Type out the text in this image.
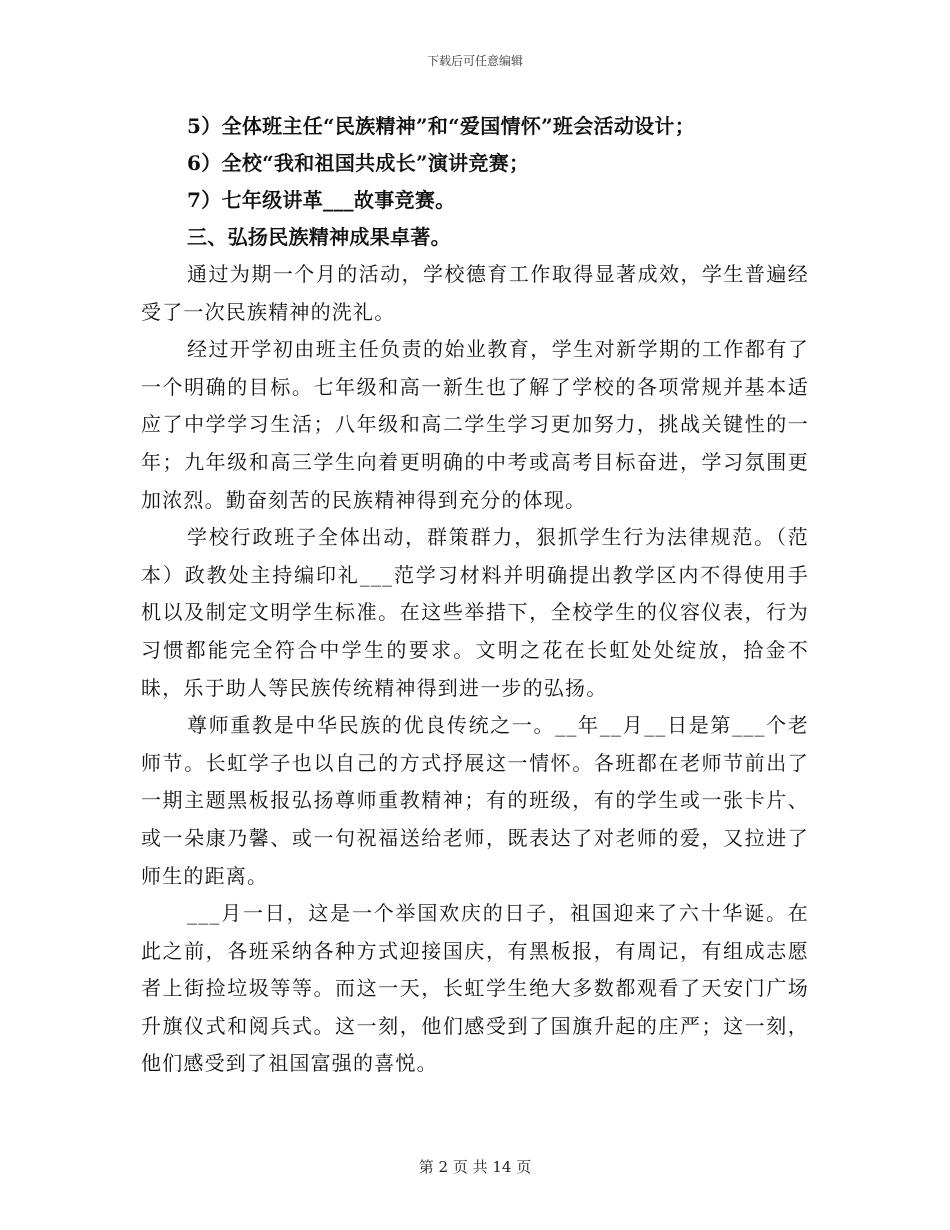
下载后可任意编辑
5）全体班主任“民族精神”和“爱国情怀”班会活动设计；
6）全校“我和祖国共成长”演讲竞赛；
7）七年级讲革___故事竞赛。
三、弘扬民族精神成果卓著。

通过为期一个月的活动，学校德育工作取得显著成效，学生普遍经受了一次民族精神的洗礼。

经过开学初由班主任负责的始业教育，学生对新学期的工作都有了一个明确的目标。七年级和高一新生也了解了学校的各项常规并基本适应了中学学习生活；八年级和高二学生学习更加努力，挑战关键性的一年；九年级和高三学生向着更明确的中考或高考目标奋进，学习氛围更加浓烈。勤奋刻苦的民族精神得到充分的体现。

学校行政班子全体出动，群策群力，狠抓学生行为法律规范。（范本）政教处主持编印礼___范学习材料并明确提出教学区内不得使用手机以及制定文明学生标准。在这些举措下，全校学生的仪容仪表，行为习惯都能完全符合中学生的要求。文明之花在长虹处处绽放，拾金不昧，乐于助人等民族传统精神得到进一步的弘扬。

尊师重教是中华民族的优良传统之一。__年__月__日是第___个老师节。长虹学子也以自己的方式抒展这一情怀。各班都在老师节前出了一期主题黑板报弘扬尊师重教精神；有的班级，有的学生或一张卡片、或一朵康乃馨、或一句祝福送给老师，既表达了对老师的爱，又拉进了师生的距离。

___月一日，这是一个举国欢庆的日子，祖国迎来了六十华诞。在此之前，各班采纳各种方式迎接国庆，有黑板报，有周记，有组成志愿者上街捡垃圾等等。而这一天，长虹学生绝大多数都观看了天安门广场升旗仪式和阅兵式。这一刻，他们感受到了国旗升起的庄严；这一刻，他们感受到了祖国富强的喜悦。

第 2 页 共 14 页
